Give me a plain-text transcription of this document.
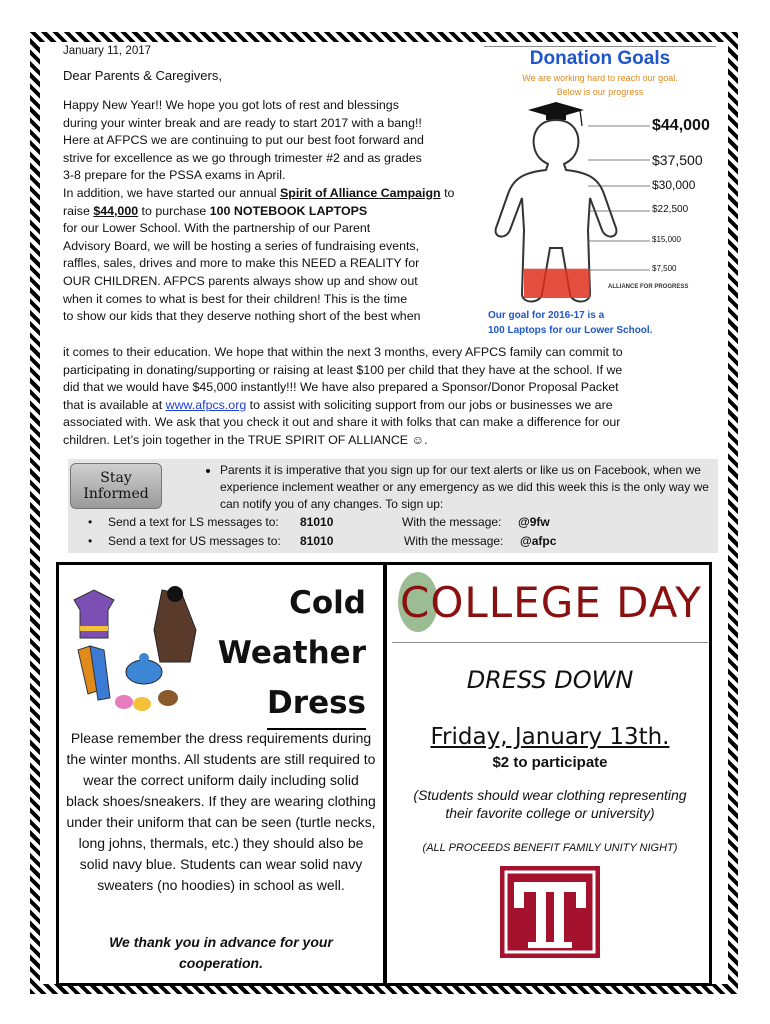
January 11, 2017
Dear Parents & Caregivers,
Happy New Year!! We hope you got lots of rest and blessings
during your winter break and are ready to start 2017 with a bang!!
Here at AFPCS we are continuing to put our best foot forward and
strive for excellence as we go through trimester #2 and as grades
3-8 prepare for the PSSA exams in April.
In addition, we have started our annual Spirit of Alliance Campaign to raise $44,000 to purchase 100 NOTEBOOK LAPTOPS
for our Lower School. With the partnership of our Parent
Advisory Board, we will be hosting a series of fundraising events,
raffles, sales, drives and more to make this NEED a REALITY for
OUR CHILDREN. AFPCS parents always show up and show out
when it comes to what is best for their children! This is the time
to show our kids that they deserve nothing short of the best when
it comes to their education. We hope that within the next 3 months, every AFPCS family can commit to
participating in donating/supporting or raising at least $100 per child that they have at the school. If we
did that we would have $45,000 instantly!!! We have also prepared a Sponsor/Donor Proposal Packet
that is available at www.afpcs.org to assist with soliciting support from our jobs or businesses we are
associated with. We ask that you check it out and share it with folks that can make a difference for our
children. Let’s join together in the TRUE SPIRIT OF ALLIANCE ☺.
Donation Goals
We are working hard to reach our goal.
Below is our progress
$44,000
$37,500
$30,000
$22,500
$15,000
$7,500
ALLIANCE FOR PROGRESS
Our goal for 2016-17 is a
100 Laptops for our Lower School.
Stay
Informed
• Parents it is imperative that you sign up for our text alerts or like us on Facebook, when we experience inclement weather or any emergency as we did this week this is the only way we can notify you of any changes. To sign up:
• Send a text for LS messages to: 81010	With the message: @9fw
• Send a text for US messages to: 81010	With the message: @afpc
Cold
Weather
Dress
Please remember the dress requirements during the winter months. All students are still required to wear the correct uniform daily including solid black shoes/sneakers. If they are wearing clothing under their uniform that can be seen (turtle necks, long johns, thermals, etc.) they should also be solid navy blue. Students can wear solid navy sweaters (no hoodies) in school as well.
We thank you in advance for your cooperation.
COLLEGE DAY
DRESS DOWN
Friday, January 13th.
$2 to participate
(Students should wear clothing representing their favorite college or university)
(ALL PROCEEDS BENEFIT FAMILY UNITY NIGHT)
